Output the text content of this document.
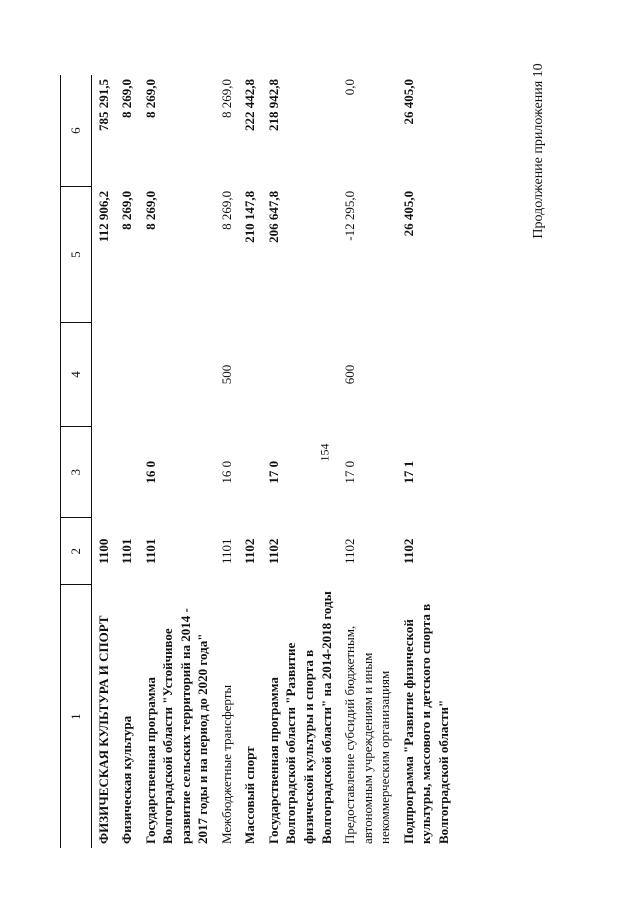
154
Продолжение приложения 10
1	2	3	4	5	6
ФИЗИЧЕСКАЯ КУЛЬТУРА И СПОРТ	1100			112 906,2	785 291,5
Физическая культура	1101			8 269,0	8 269,0
Государственная программа Волгоградской области "Устойчивое развитие сельских территорий на 2014 - 2017 годы и на период до 2020 года"	1101	16 0		8 269,0	8 269,0
Межбюджетные трансферты	1101	16 0	500	8 269,0	8 269,0
Массовый спорт	1102			210 147,8	222 442,8
Государственная программа Волгоградской области "Развитие физической культуры и спорта в Волгоградской области" на 2014-2018 годы	1102	17 0		206 647,8	218 942,8
Предоставление субсидий бюджетным, автономным учреждениям и иным некоммерческим организациям	1102	17 0	600	-12 295,0	0,0
Подпрограмма "Развитие физической культуры, массового и детского спорта в Волгоградской области"	1102	17 1		26 405,0	26 405,0
